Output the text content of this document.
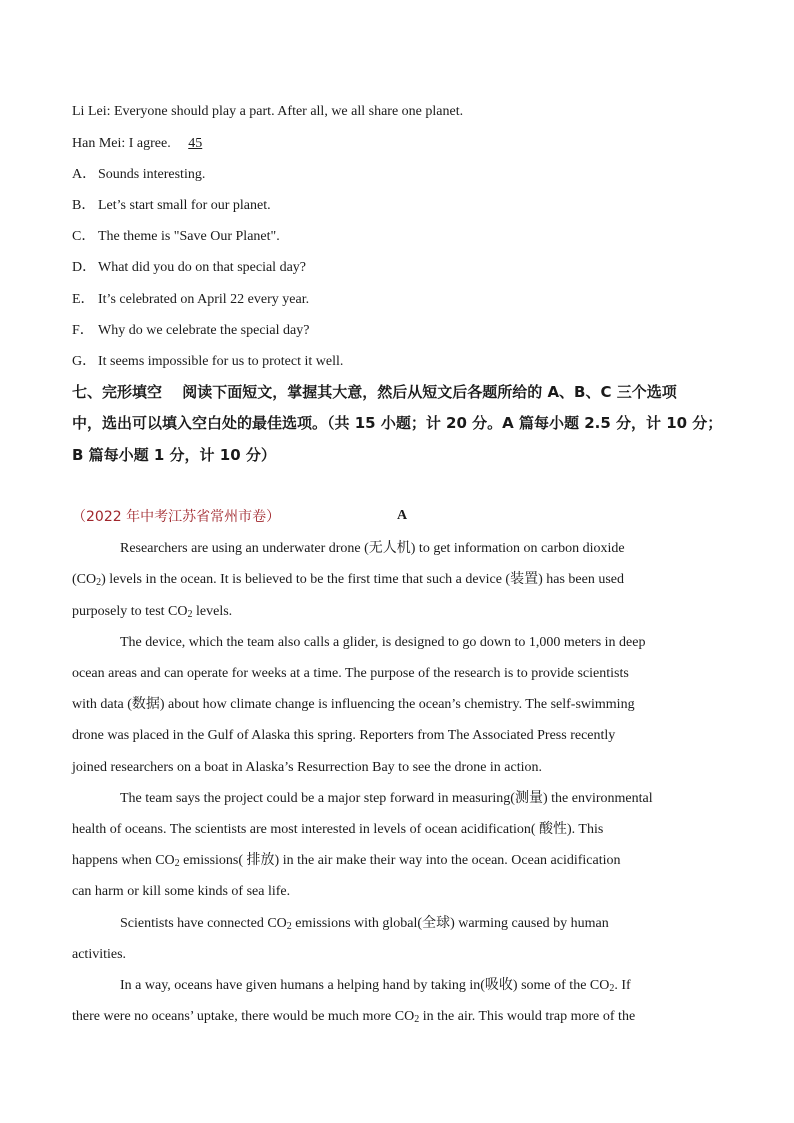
Li Lei: Everyone should play a part. After all, we all share one planet.
Han Mei: I agree. 45
A． Sounds interesting.
B． Let’s start small for our planet.
C． The theme is "Save Our Planet".
D． What did you do on that special day?
E． It’s celebrated on April 22 every year.
F． Why do we celebrate the special day?
G． It seems impossible for us to protect it well.
七、完形填空　 阅读下面短文，掌握其大意，然后从短文后各题所给的 A、B、C 三个选项
中，选出可以填入空白处的最佳选项。（共 15 小题；计 20 分。A 篇每小题 2.5 分，计 10 分；
B 篇每小题 1 分，计 10 分）
（2022 年中考江苏省常州市卷）	A
Researchers are using an underwater drone (无人机) to get information on carbon dioxide
$(CO_2)$ levels in the ocean. It is believed to be the first time that such a device (装置) has been used
purposely to test $CO_2$ levels.
The device, which the team also calls a glider, is designed to go down to 1,000 meters in deep
ocean areas and can operate for weeks at a time. The purpose of the research is to provide scientists
with data (数据) about how climate change is influencing the ocean’s chemistry. The self-swimming
drone was placed in the Gulf of Alaska this spring. Reporters from The Associated Press recently
joined researchers on a boat in Alaska’s Resurrection Bay to see the drone in action.
The team says the project could be a major step forward in measuring(测量) the environmental
health of oceans. The scientists are most interested in levels of ocean acidification( 酸性). This
happens when $CO_2$ emissions( 排放) in the air make their way into the ocean. Ocean acidification
can harm or kill some kinds of sea life.
Scientists have connected $CO_2$ emissions with global(全球) warming caused by human
activities.
In a way, oceans have given humans a helping hand by taking in(吸收) some of the $CO_2$. If
there were no oceans’ uptake, there would be much more $CO_2$ in the air. This would trap more of the
